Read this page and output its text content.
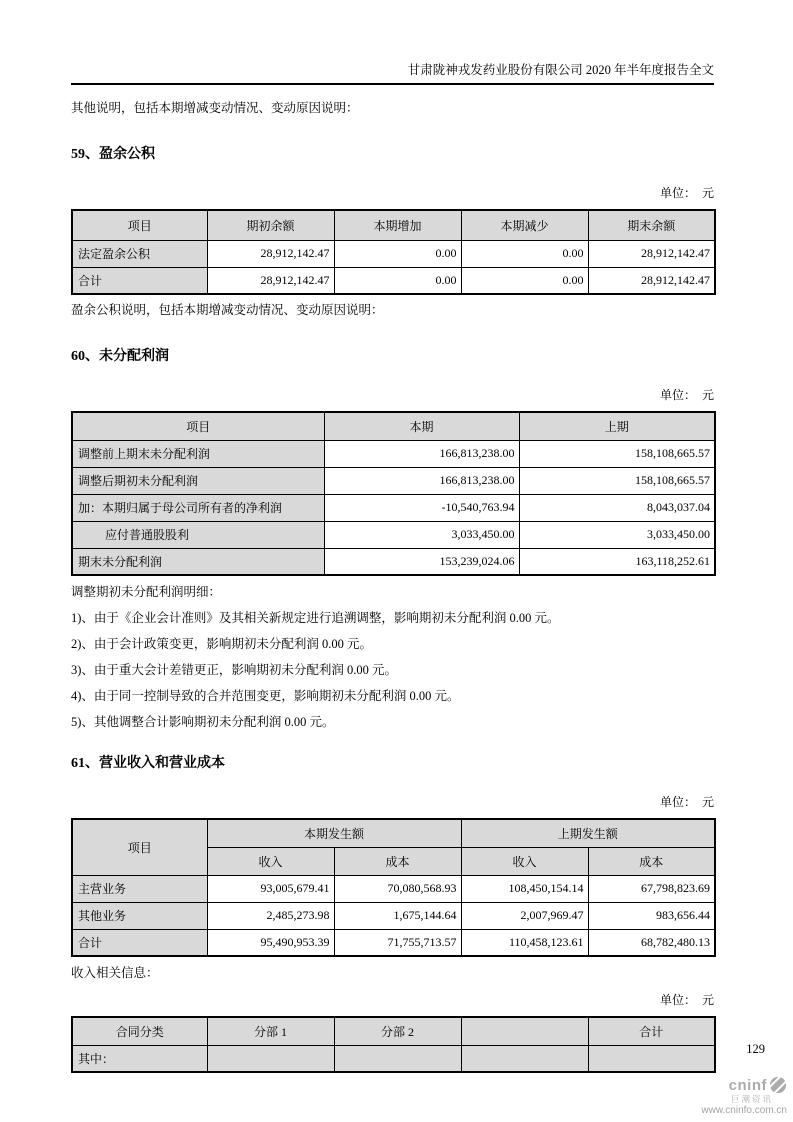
甘肃陇神戎发药业股份有限公司 2020 年半年度报告全文
其他说明，包括本期增减变动情况、变动原因说明：
59、盈余公积
单位：　元
项目	期初余额	本期增加	本期减少	期末余额
法定盈余公积	28,912,142.47	0.00	0.00	28,912,142.47
合计	28,912,142.47	0.00	0.00	28,912,142.47
盈余公积说明，包括本期增减变动情况、变动原因说明：
60、未分配利润
单位：　元
项目	本期	上期
调整前上期末未分配利润	166,813,238.00	158,108,665.57
调整后期初未分配利润	166,813,238.00	158,108,665.57
加：本期归属于母公司所有者的净利润	-10,540,763.94	8,043,037.04
应付普通股股利	3,033,450.00	3,033,450.00
期末未分配利润	153,239,024.06	163,118,252.61
调整期初未分配利润明细：
1)、由于《企业会计准则》及其相关新规定进行追溯调整，影响期初未分配利润 0.00 元。
2)、由于会计政策变更，影响期初未分配利润 0.00 元。
3)、由于重大会计差错更正，影响期初未分配利润 0.00 元。
4)、由于同一控制导致的合并范围变更，影响期初未分配利润 0.00 元。
5)、其他调整合计影响期初未分配利润 0.00 元。
61、营业收入和营业成本
单位：　元
项目	本期发生额		上期发生额	
	收入	成本	收入	成本
主营业务	93,005,679.41	70,080,568.93	108,450,154.14	67,798,823.69
其他业务	2,485,273.98	1,675,144.64	2,007,969.47	983,656.44
合计	95,490,953.39	71,755,713.57	110,458,123.61	68,782,480.13
收入相关信息：
单位：　元
合同分类	分部 1	分部 2		合计
其中：				
129
cninf
巨潮资讯
www.cninfo.com.cn
